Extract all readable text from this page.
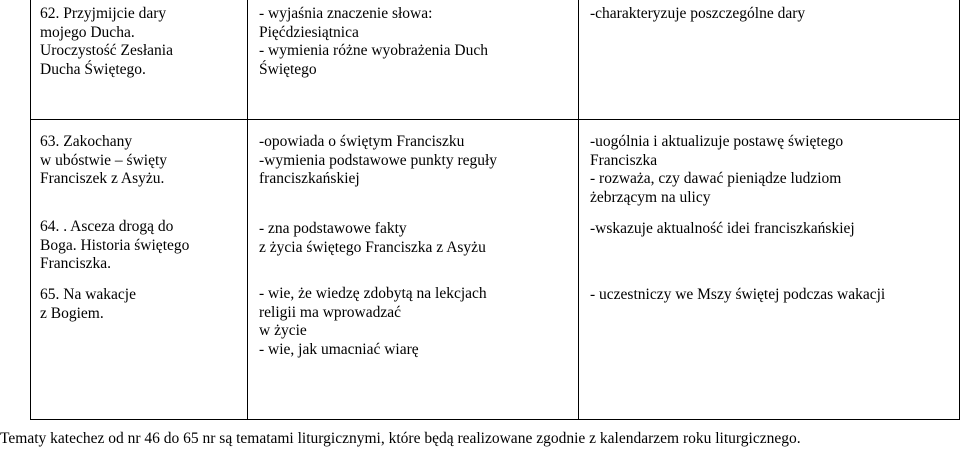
62. Przyjmijcie dary

mojego Ducha.

Uroczystość Zesłania

Ducha Świętego.

- wyjaśnia znaczenie słowa:

Pięćdziesiątnica

- wymienia różne wyobrażenia Duch

Świętego

-charakteryzuje poszczególne dary

63. Zakochany

w ubóstwie – święty

Franciszek z Asyżu.

64. . Asceza drogą do

Boga. Historia świętego

Franciszka.

65. Na wakacje

z Bogiem.

-opowiada o świętym Franciszku

-wymienia podstawowe punkty reguły

franciszkańskiej

- zna podstawowe fakty

z życia świętego Franciszka z Asyżu

- wie, że wiedzę zdobytą na lekcjach

religii ma wprowadzać

w życie

- wie, jak umacniać wiarę

-uogólnia i aktualizuje postawę świętego

Franciszka

- rozważa, czy dawać pieniądze ludziom

żebrzącym na ulicy

-wskazuje aktualność idei franciszkańskiej

- uczestniczy we Mszy świętej podczas wakacji

Tematy katechez od nr 46 do 65 nr są tematami liturgicznymi, które będą realizowane zgodnie z kalendarzem roku liturgicznego.
